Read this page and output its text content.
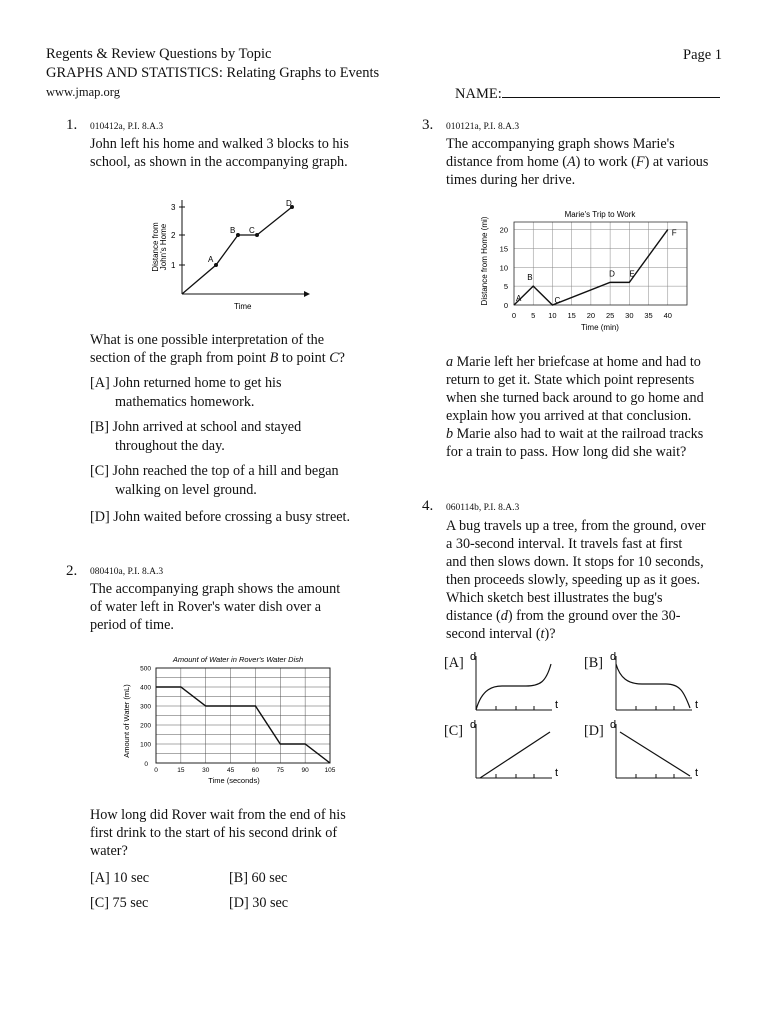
Regents & Review Questions by Topic
GRAPHS AND STATISTICS: Relating Graphs to Events
www.jmap.org
Page 1
NAME:
1. 010412a, P.I. 8.A.3
John left his home and walked 3 blocks to his
school, as shown in the accompanying graph.
1
2
3
Distance from John's Home
Time
A
B C
D
What is one possible interpretation of the
section of the graph from point B to point C?
[A] John returned home to get his
mathematics homework.
[B] John arrived at school and stayed
throughout the day.
[C] John reached the top of a hill and began
walking on level ground.
[D] John waited before crossing a busy street.
2. 080410a, P.I. 8.A.3
The accompanying graph shows the amount
of water left in Rover's water dish over a
period of time.
Amount of Water in Rover's Water Dish
Time (seconds)
Amount of Water (mL)
0	15	30	45	60	75	90 105
100
200
300
400
500
0
How long did Rover wait from the end of his
first drink to the start of his second drink of
water?
[A] 10 sec	[B] 60 sec
[C] 75 sec	[D] 30 sec
3. 010121a, P.I. 8.A.3
The accompanying graph shows Marie's
distance from home (A) to work (F) at various
times during her drive.
Marie's Trip to Work
Time (min)
Distance from Home (mi)
0 5 10 15 20 25 30 35 40
0
5
10
15
20
A
B
C
D E
F
a Marie left her briefcase at home and had to
return to get it. State which point represents
when she turned back around to go home and
explain how you arrived at that conclusion.
b Marie also had to wait at the railroad tracks
for a train to pass. How long did she wait?
4. 060114b, P.I. 8.A.3
A bug travels up a tree, from the ground, over
a 30-second interval. It travels fast at first
and then slows down. It stops for 10 seconds,
then proceeds slowly, speeding up as it goes.
Which sketch best illustrates the bug's
distance (d) from the ground over the 30-
second interval (t)?
[A] d
t
[B] d
t
[C] d
t
[D] d
t
